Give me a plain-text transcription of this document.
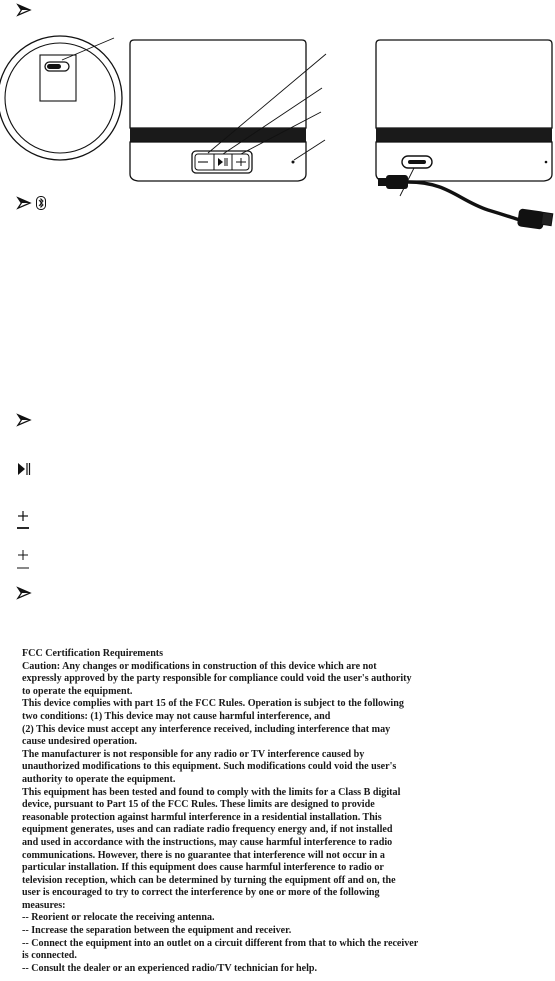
FCC Certification Requirements
Caution: Any changes or modifications in construction of this device which are not
expressly approved by the party responsible for compliance could void the user's authority
to operate the equipment.
This device complies with part 15 of the FCC Rules. Operation is subject to the following
two conditions: (1) This device may not cause harmful interference, and
(2) This device must accept any interference received, including interference that may
cause undesired operation.
The manufacturer is not responsible for any radio or TV interference caused by
unauthorized modifications to this equipment. Such modifications could void the user's
authority to operate the equipment.
This equipment has been tested and found to comply with the limits for a Class B digital
device, pursuant to Part 15 of the FCC Rules. These limits are designed to provide
reasonable protection against harmful interference in a residential installation. This
equipment generates, uses and can radiate radio frequency energy and, if not installed
and used in accordance with the instructions, may cause harmful interference to radio
communications. However, there is no guarantee that interference will not occur in a
particular installation. If this equipment does cause harmful interference to radio or
television reception, which can be determined by turning the equipment off and on, the
user is encouraged to try to correct the interference by one or more of the following
measures:
-- Reorient or relocate the receiving antenna.
-- Increase the separation between the equipment and receiver.
-- Connect the equipment into an outlet on a circuit different from that to which the receiver
is connected.
-- Consult the dealer or an experienced radio/TV technician for help.
